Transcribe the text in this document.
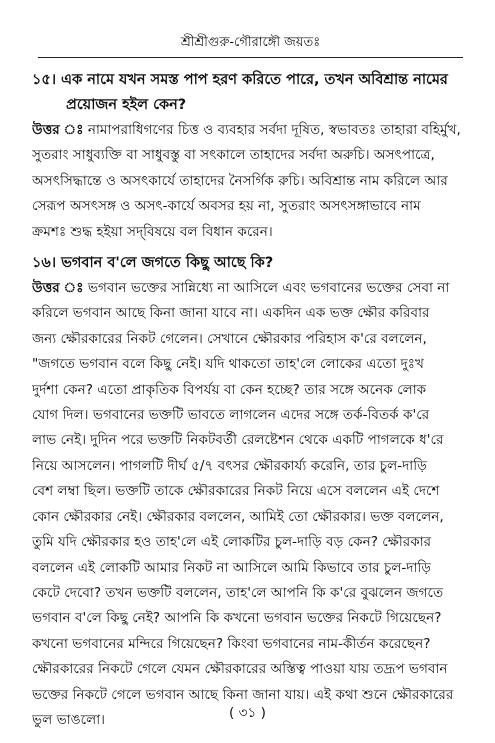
শ্রীশ্রীগুরু-গৌরাঙ্গৌ জয়তঃ
১৫। এক নামে যখন সমস্ত পাপ হরণ করিতে পারে, তখন অবিশ্রান্ত নামের
প্রয়োজন হইল কেন?
উত্তর ঃ নামাপরাধিগণের চিত্ত ও ব্যবহার সর্বদা দূষিত, স্বভাবতঃ তাহারা বহির্মুখ,
সুতরাং সাধুব্যক্তি বা সাধুবস্তু বা সৎকালে তাহাদের সর্বদা অরুচি। অসৎপাত্রে,
অসৎসিদ্ধান্তে ও অসৎকার্যে তাহাদের নৈসর্গিক রুচি। অবিশ্রান্ত নাম করিলে আর
সেরূপ অসৎসঙ্গ ও অসৎ-কার্যে অবসর হয় না, সুতরাং অসৎসঙ্গাভাবে নাম
ক্রমশঃ শুদ্ধ হইয়া সদ্‌বিষয়ে বল বিধান করেন।
১৬। ভগবান ব'লে জগতে কিছু আছে কি?
উত্তর ঃ ভগবান ভক্তের সান্নিধ্যে না আসিলে এবং ভগবানের ভক্তের সেবা না
করিলে ভগবান আছে কিনা জানা যাবে না। একদিন এক ভক্ত ক্ষৌর করিবার
জন্য ক্ষৌরকারের নিকট গেলেন। সেখানে ক্ষৌরকার পরিহাস ক'রে বললেন,
"জগতে ভগবান বলে কিছু নেই। যদি থাকতো তাহ'লে লোকের এতো দুঃখ
দুর্দশা কেন? এতো প্রাকৃতিক বিপর্যয় বা কেন হচ্ছে? তার সঙ্গে অনেক লোক
যোগ দিল। ভগবানের ভক্তটি ভাবতে লাগলেন এদের সঙ্গে তর্ক-বিতর্ক ক'রে
লাভ নেই। দুদিন পরে ভক্তটি নিকটবর্তী রেলষ্টেশন থেকে একটি পাগলকে ধ'রে
নিয়ে আসলেন। পাগলটি দীর্ঘ ৫/৭ বৎসর ক্ষৌরকার্য্য করেনি, তার চুল-দাড়ি
বেশ লম্বা ছিল। ভক্তটি তাকে ক্ষৌরকারের নিকট নিয়ে এসে বললেন এই দেশে
কোন ক্ষৌরকার নেই। ক্ষৌরকার বললেন, আমিই তো ক্ষৌরকার। ভক্ত বললেন,
তুমি যদি ক্ষৌরকার হও তাহ'লে এই লোকটির চুল-দাড়ি বড় কেন? ক্ষৌরকার
বললেন এই লোকটি আমার নিকট না আসিলে আমি কিভাবে তার চুল-দাড়ি
কেটে দেবো? তখন ভক্তটি বললেন, তাহ'লে আপনি কি ক'রে বুঝলেন জগতে
ভগবান ব'লে কিছু নেই? আপনি কি কখনো ভগবান ভক্তের নিকটে গিয়েছেন?
কখনো ভগবানের মন্দিরে গিয়েছেন? কিংবা ভগবানের নাম-কীর্তন করেছেন?
ক্ষৌরকারের নিকটে গেলে যেমন ক্ষৌরকারের অস্তিত্ব পাওয়া যায় তদ্রূপ ভগবান
ভক্তের নিকটে গেলে ভগবান আছে কিনা জানা যায়। এই কথা শুনে ক্ষৌরকারের
ভুল ভাঙলো।	( ৩১ )
